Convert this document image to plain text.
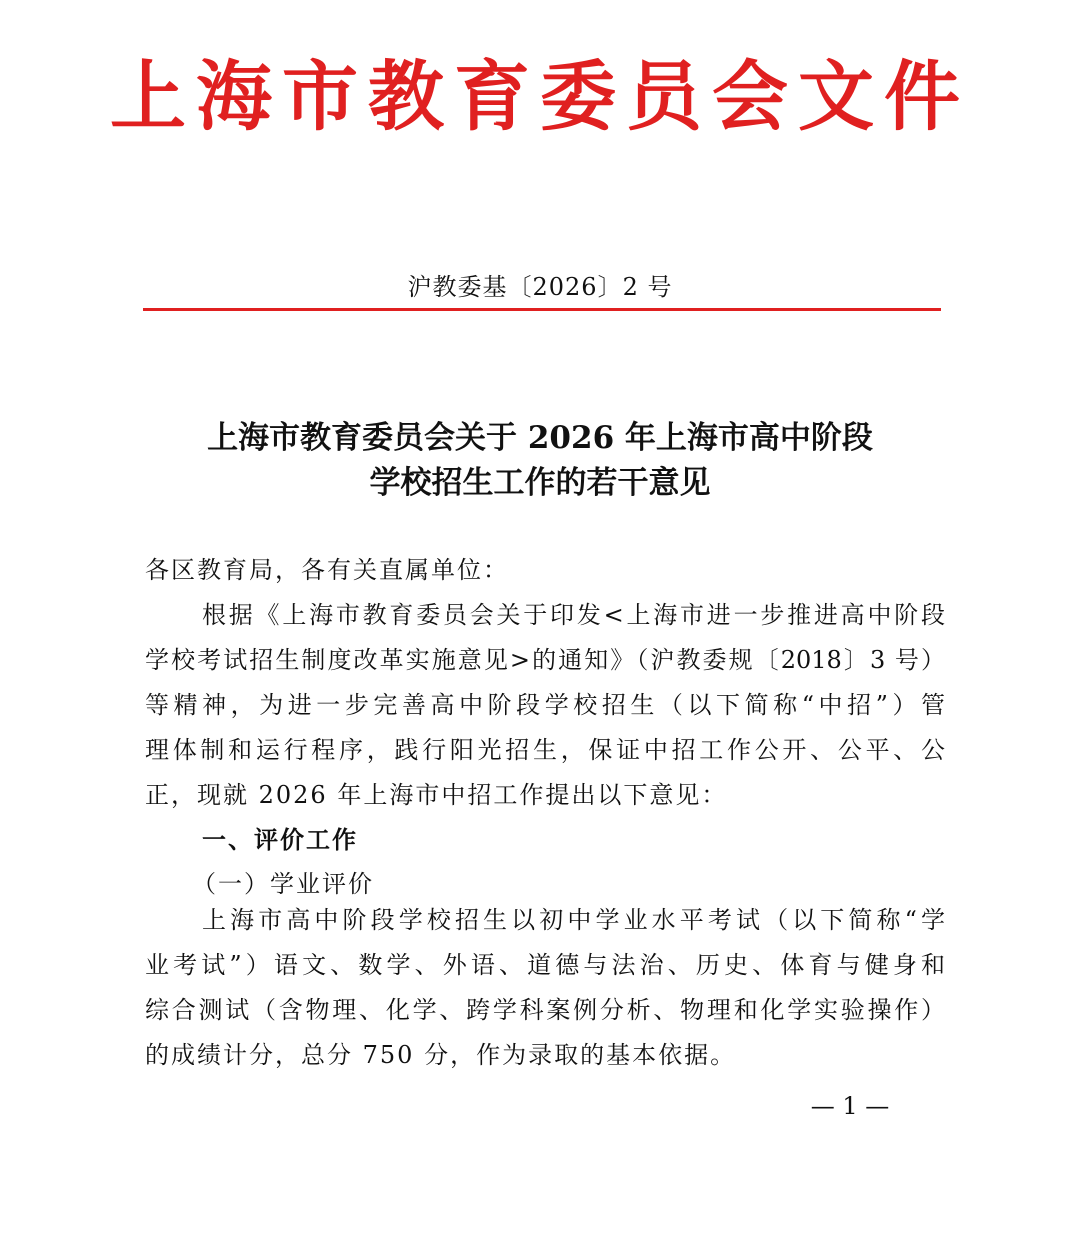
上海市教育委员会文件
沪教委基〔2026〕2 号
上海市教育委员会关于 2026 年上海市高中阶段
学校招生工作的若干意见
各区教育局，各有关直属单位：
根据《上海市教育委员会关于印发<上海市进一步推进高中阶段
学校考试招生制度改革实施意见>的通知》（沪教委规〔2018〕3 号）
等精神，为进一步完善高中阶段学校招生（以下简称“中招”）管
理体制和运行程序，践行阳光招生，保证中招工作公开、公平、公
正，现就 2026 年上海市中招工作提出以下意见：
一、评价工作
（一）学业评价
上海市高中阶段学校招生以初中学业水平考试（以下简称“学
业考试”）语文、数学、外语、道德与法治、历史、体育与健身和
综合测试（含物理、化学、跨学科案例分析、物理和化学实验操作）
的成绩计分，总分 750 分，作为录取的基本依据。
— 1 —
